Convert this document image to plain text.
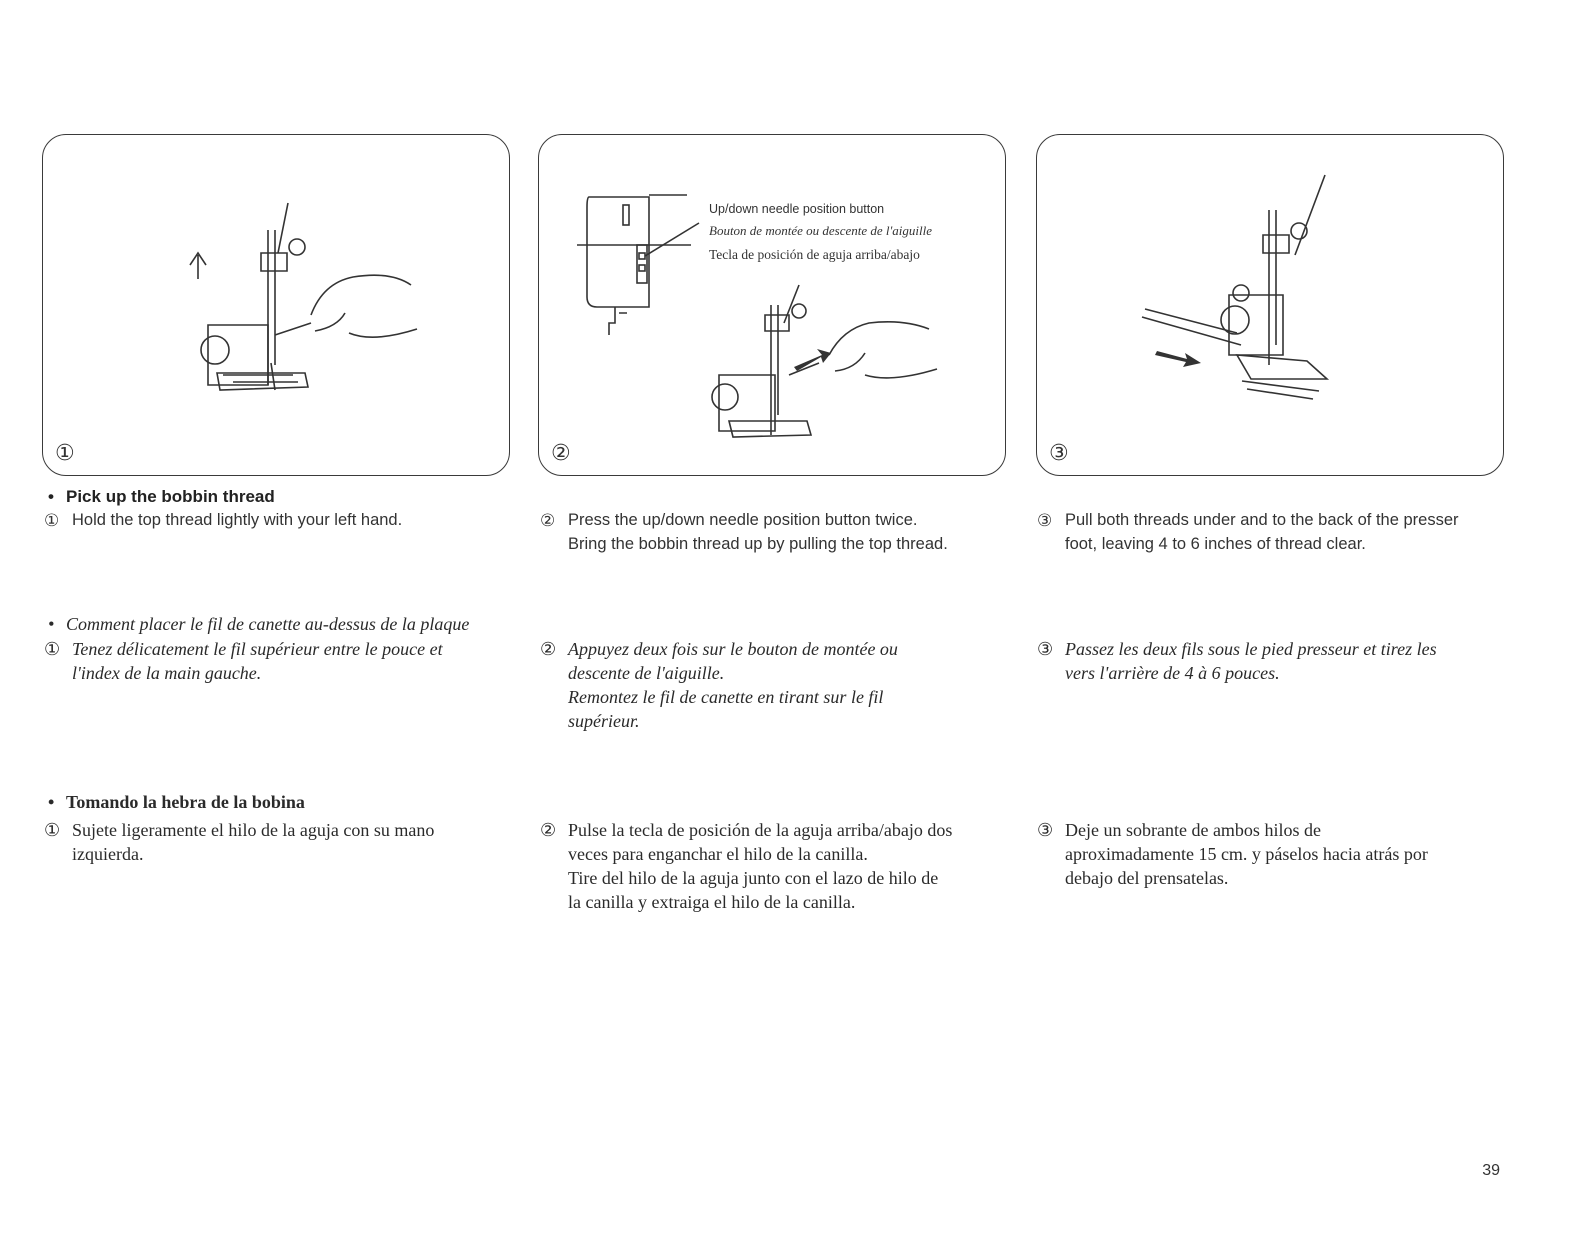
①
Up/down needle position button
Bouton de montée ou descente de l'aiguille
Tecla de posición de aguja arriba/abajo
②	③
• Pick up the bobbin thread
① Hold the top thread lightly with your left hand.	② Press the up/down needle position button twice.
Bring the bobbin thread up by pulling the top thread.
③ Pull both threads under and to the back of the presser
foot, leaving 4 to 6 inches of thread clear.
• Comment placer le fil de canette au-dessus de la plaque
① Tenez délicatement le fil supérieur entre le pouce et
l'index de la main gauche.
② Appuyez deux fois sur le bouton de montée ou
descente de l'aiguille.
Remontez le fil de canette en tirant sur le fil
supérieur.
③ Passez les deux fils sous le pied presseur et tirez les
vers l'arrière de 4 à 6 pouces.
• Tomando la hebra de la bobina
① Sujete ligeramente el hilo de la aguja con su mano
izquierda.
② Pulse la tecla de posición de la aguja arriba/abajo dos
veces para enganchar el hilo de la canilla.
Tire del hilo de la aguja junto con el lazo de hilo de
la canilla y extraiga el hilo de la canilla.
③ Deje un sobrante de ambos hilos de
aproximadamente 15 cm. y páselos hacia atrás por
debajo del prensatelas.
39
